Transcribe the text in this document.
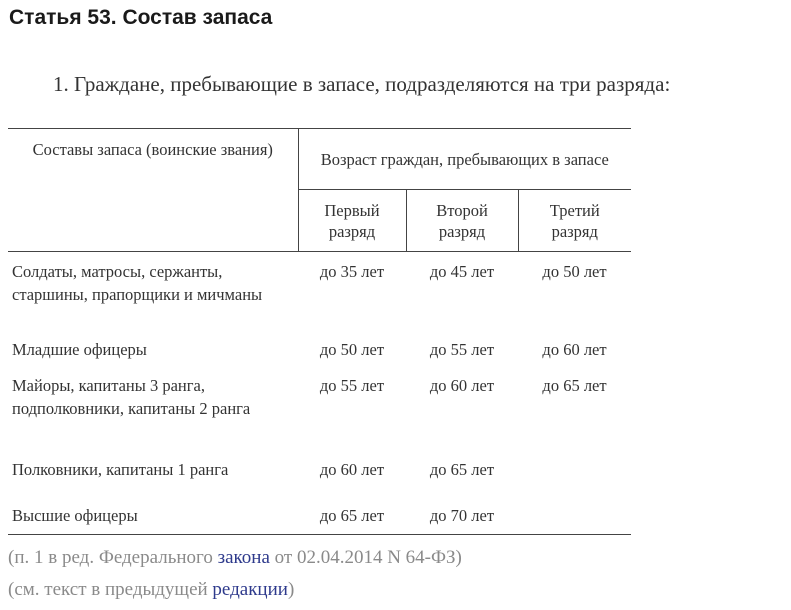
Статья 53. Состав запаса
1. Граждане, пребывающие в запасе, подразделяются на три разряда:
Составы запаса (воинские звания)	Возраст граждан, пребывающих в запасе		
	Первый разряд	Второй разряд	Третий разряд
Солдаты, матросы, сержанты, старшины, прапорщики и мичманы	до 35 лет	до 45 лет	до 50 лет
Младшие офицеры	до 50 лет	до 55 лет	до 60 лет
Майоры, капитаны 3 ранга, подполковники, капитаны 2 ранга	до 55 лет	до 60 лет	до 65 лет
Полковники, капитаны 1 ранга	до 60 лет	до 65 лет	
Высшие офицеры	до 65 лет	до 70 лет	
(п. 1 в ред. Федерального закона от 02.04.2014 N 64-ФЗ)
(см. текст в предыдущей редакции)
